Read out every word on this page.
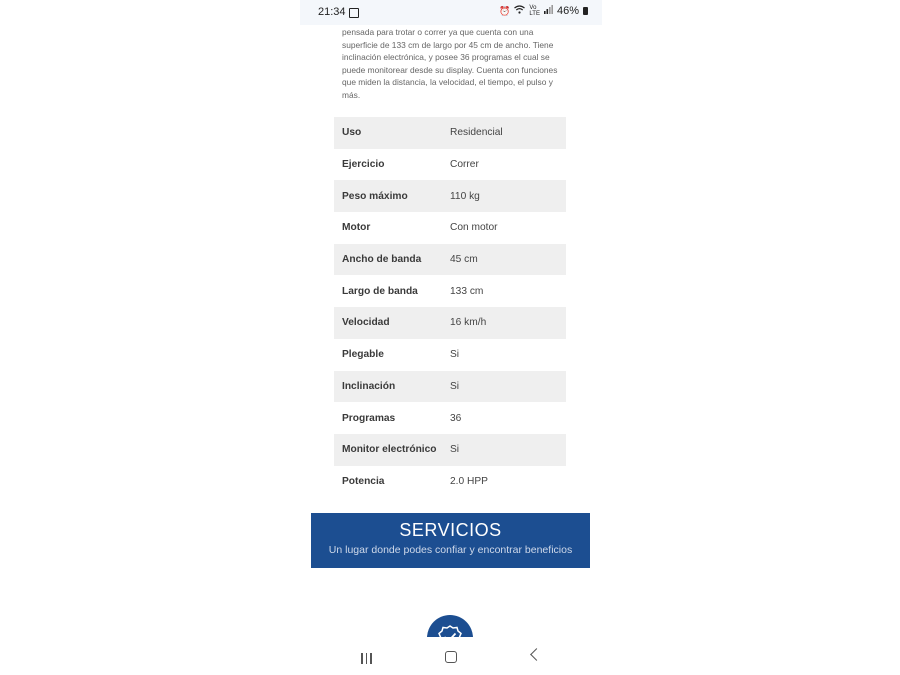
21:34	⏰	Vo
LTE 46%
pensada para trotar o correr ya que cuenta con una superficie de 133 cm de largo por 45 cm de ancho. Tiene inclinación electrónica, y posee 36 programas el cual se puede monitorear desde su display. Cuenta con funciones que miden la distancia, la velocidad, el tiempo, el pulso y más.
Uso	Residencial
Ejercicio	Correr
Peso máximo	110 kg
Motor	Con motor
Ancho de banda	45 cm
Largo de banda	133 cm
Velocidad	16 km/h
Plegable	Si
Inclinación	Si
Programas	36
Monitor electrónico	Si
Potencia	2.0 HPP
SERVICIOS
Un lugar donde podes confiar y encontrar beneficios
